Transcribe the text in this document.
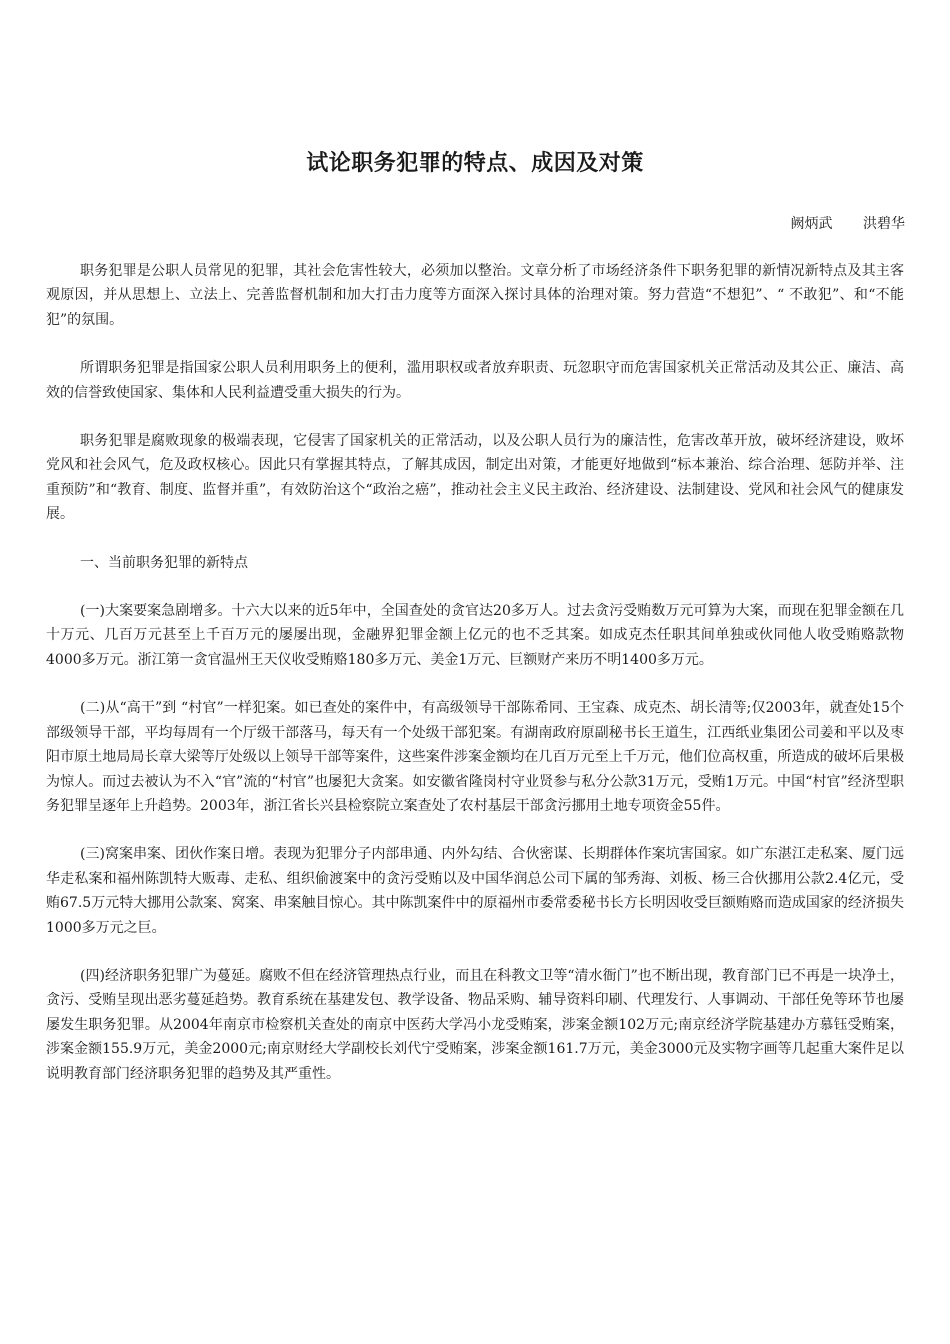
试论职务犯罪的特点、成因及对策
阙炳武 洪碧华

职务犯罪是公职人员常见的犯罪，其社会危害性较大，必须加以整治。文章分析了市场经济条件下职务犯罪的新情况新特点及其主客观原因，并从思想上、立法上、完善监督机制和加大打击力度等方面深入探讨具体的治理对策。努力营造“不想犯”、“ 不敢犯”、和“不能犯”的氛围。

所谓职务犯罪是指国家公职人员利用职务上的便利，滥用职权或者放弃职责、玩忽职守而危害国家机关正常活动及其公正、廉洁、高效的信誉致使国家、集体和人民利益遭受重大损失的行为。

职务犯罪是腐败现象的极端表现，它侵害了国家机关的正常活动，以及公职人员行为的廉洁性，危害改革开放，破坏经济建设，败坏党风和社会风气，危及政权核心。因此只有掌握其特点，了解其成因，制定出对策，才能更好地做到“标本兼治、综合治理、惩防并举、注重预防”和“教育、制度、监督并重”，有效防治这个“政治之癌”，推动社会主义民主政治、经济建设、法制建设、党风和社会风气的健康发展。

一、当前职务犯罪的新特点

(一)大案要案急剧增多。十六大以来的近5年中，全国查处的贪官达20多万人。过去贪污受贿数万元可算为大案，而现在犯罪金额在几十万元、几百万元甚至上千百万元的屡屡出现，金融界犯罪金额上亿元的也不乏其案。如成克杰任职其间单独或伙同他人收受贿赂款物4000多万元。浙江第一贪官温州王天仪收受贿赂180多万元、美金1万元、巨额财产来历不明1400多万元。

(二)从“高干”到 “村官”一样犯案。如已查处的案件中，有高级领导干部陈希同、王宝森、成克杰、胡长清等;仅2003年，就查处15个部级领导干部，平均每周有一个厅级干部落马，每天有一个处级干部犯案。有湖南政府原副秘书长王道生，江西纸业集团公司姜和平以及枣阳市原土地局局长章大梁等厅处级以上领导干部等案件，这些案件涉案金额均在几百万元至上千万元，他们位高权重，所造成的破坏后果极为惊人。而过去被认为不入“官”流的“村官”也屡犯大贪案。如安徽省隆岗村守业贤参与私分公款31万元，受贿1万元。中国“村官”经济型职务犯罪呈逐年上升趋势。2003年，浙江省长兴县检察院立案查处了农村基层干部贪污挪用土地专项资金55件。

(三)窝案串案、团伙作案日增。表现为犯罪分子内部串通、内外勾结、合伙密谋、长期群体作案坑害国家。如广东湛江走私案、厦门远华走私案和福州陈凯特大贩毒、走私、组织偷渡案中的贪污受贿以及中国华润总公司下属的邹秀海、刘板、杨三合伙挪用公款2.4亿元，受贿67.5万元特大挪用公款案、窝案、串案触目惊心。其中陈凯案件中的原福州市委常委秘书长方长明因收受巨额贿赂而造成国家的经济损失1000多万元之巨。

(四)经济职务犯罪广为蔓延。腐败不但在经济管理热点行业，而且在科教文卫等“清水衙门”也不断出现，教育部门已不再是一块净土，贪污、受贿呈现出恶劣蔓延趋势。教育系统在基建发包、教学设备、物品采购、辅导资料印刷、代理发行、人事调动、干部任免等环节也屡屡发生职务犯罪。从2004年南京市检察机关查处的南京中医药大学冯小龙受贿案，涉案金额102万元;南京经济学院基建办方慕钰受贿案，涉案金额155.9万元，美金2000元;南京财经大学副校长刘代宁受贿案，涉案金额161.7万元，美金3000元及实物字画等几起重大案件足以说明教育部门经济职务犯罪的趋势及其严重性。
